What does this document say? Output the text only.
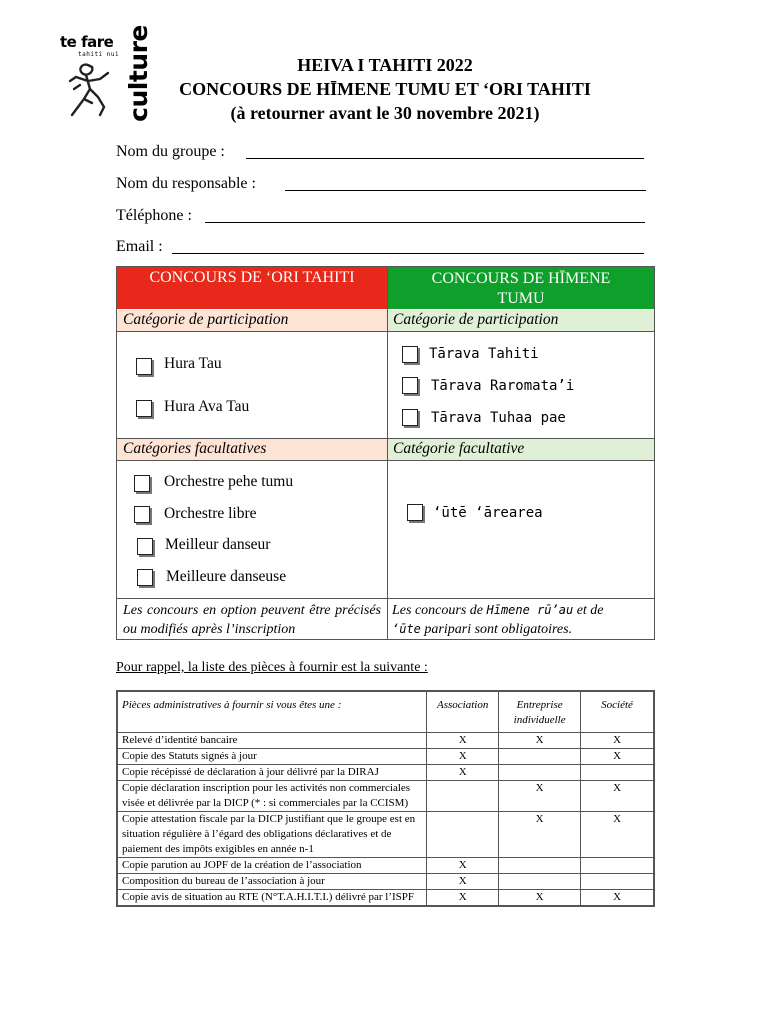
te fare
tahiti nui culture	HEIVA I TAHITI 2022
CONCOURS DE HĪMENE TUMU ET ‘ORI TAHITI
(à retourner avant le 30 novembre 2021)
Nom du groupe :
Nom du responsable :
Téléphone :
Email :
CONCOURS DE ‘ORI TAHITI	CONCOURS DE HĪMENE
TUMU
Catégorie de participation	Catégorie de participation
Hura Tau
Hura Ava Tau
Tārava Tahiti
Tārava Raromata’i
Tārava Tuhaa pae
Catégories facultatives	Catégorie facultative
Orchestre pehe tumu
Orchestre libre
Meilleur danseur
Meilleure danseuse
‘ūtē ‘ārearea
Les concours en option peuvent être précisés ou modifiés après l’inscription
Les concours de Hīmene rū’au et de
‘ūte paripari sont obligatoires.
Pour rappel, la liste des pièces à fournir est la suivante :
Pièces administratives à fournir si vous êtes une :	Association	Entreprise individuelle	Société
Relevé d’identité bancaire	X	X	X
Copie des Statuts signés à jour	X		X
Copie récépissé de déclaration à jour délivré par la DIRAJ	X		
Copie déclaration inscription pour les activités non commerciales visée et délivrée par la DICP (* : si commerciales par la CCISM)		X	X
Copie attestation fiscale par la DICP justifiant que le groupe est en situation régulière à l’égard des obligations déclaratives et de paiement des impôts exigibles en année n-1		X	X
Copie parution au JOPF de la création de l’association	X		
Composition du bureau de l’association à jour	X		
Copie avis de situation au RTE (N°T.A.H.I.T.I.) délivré par l’ISPF	X	X	X
